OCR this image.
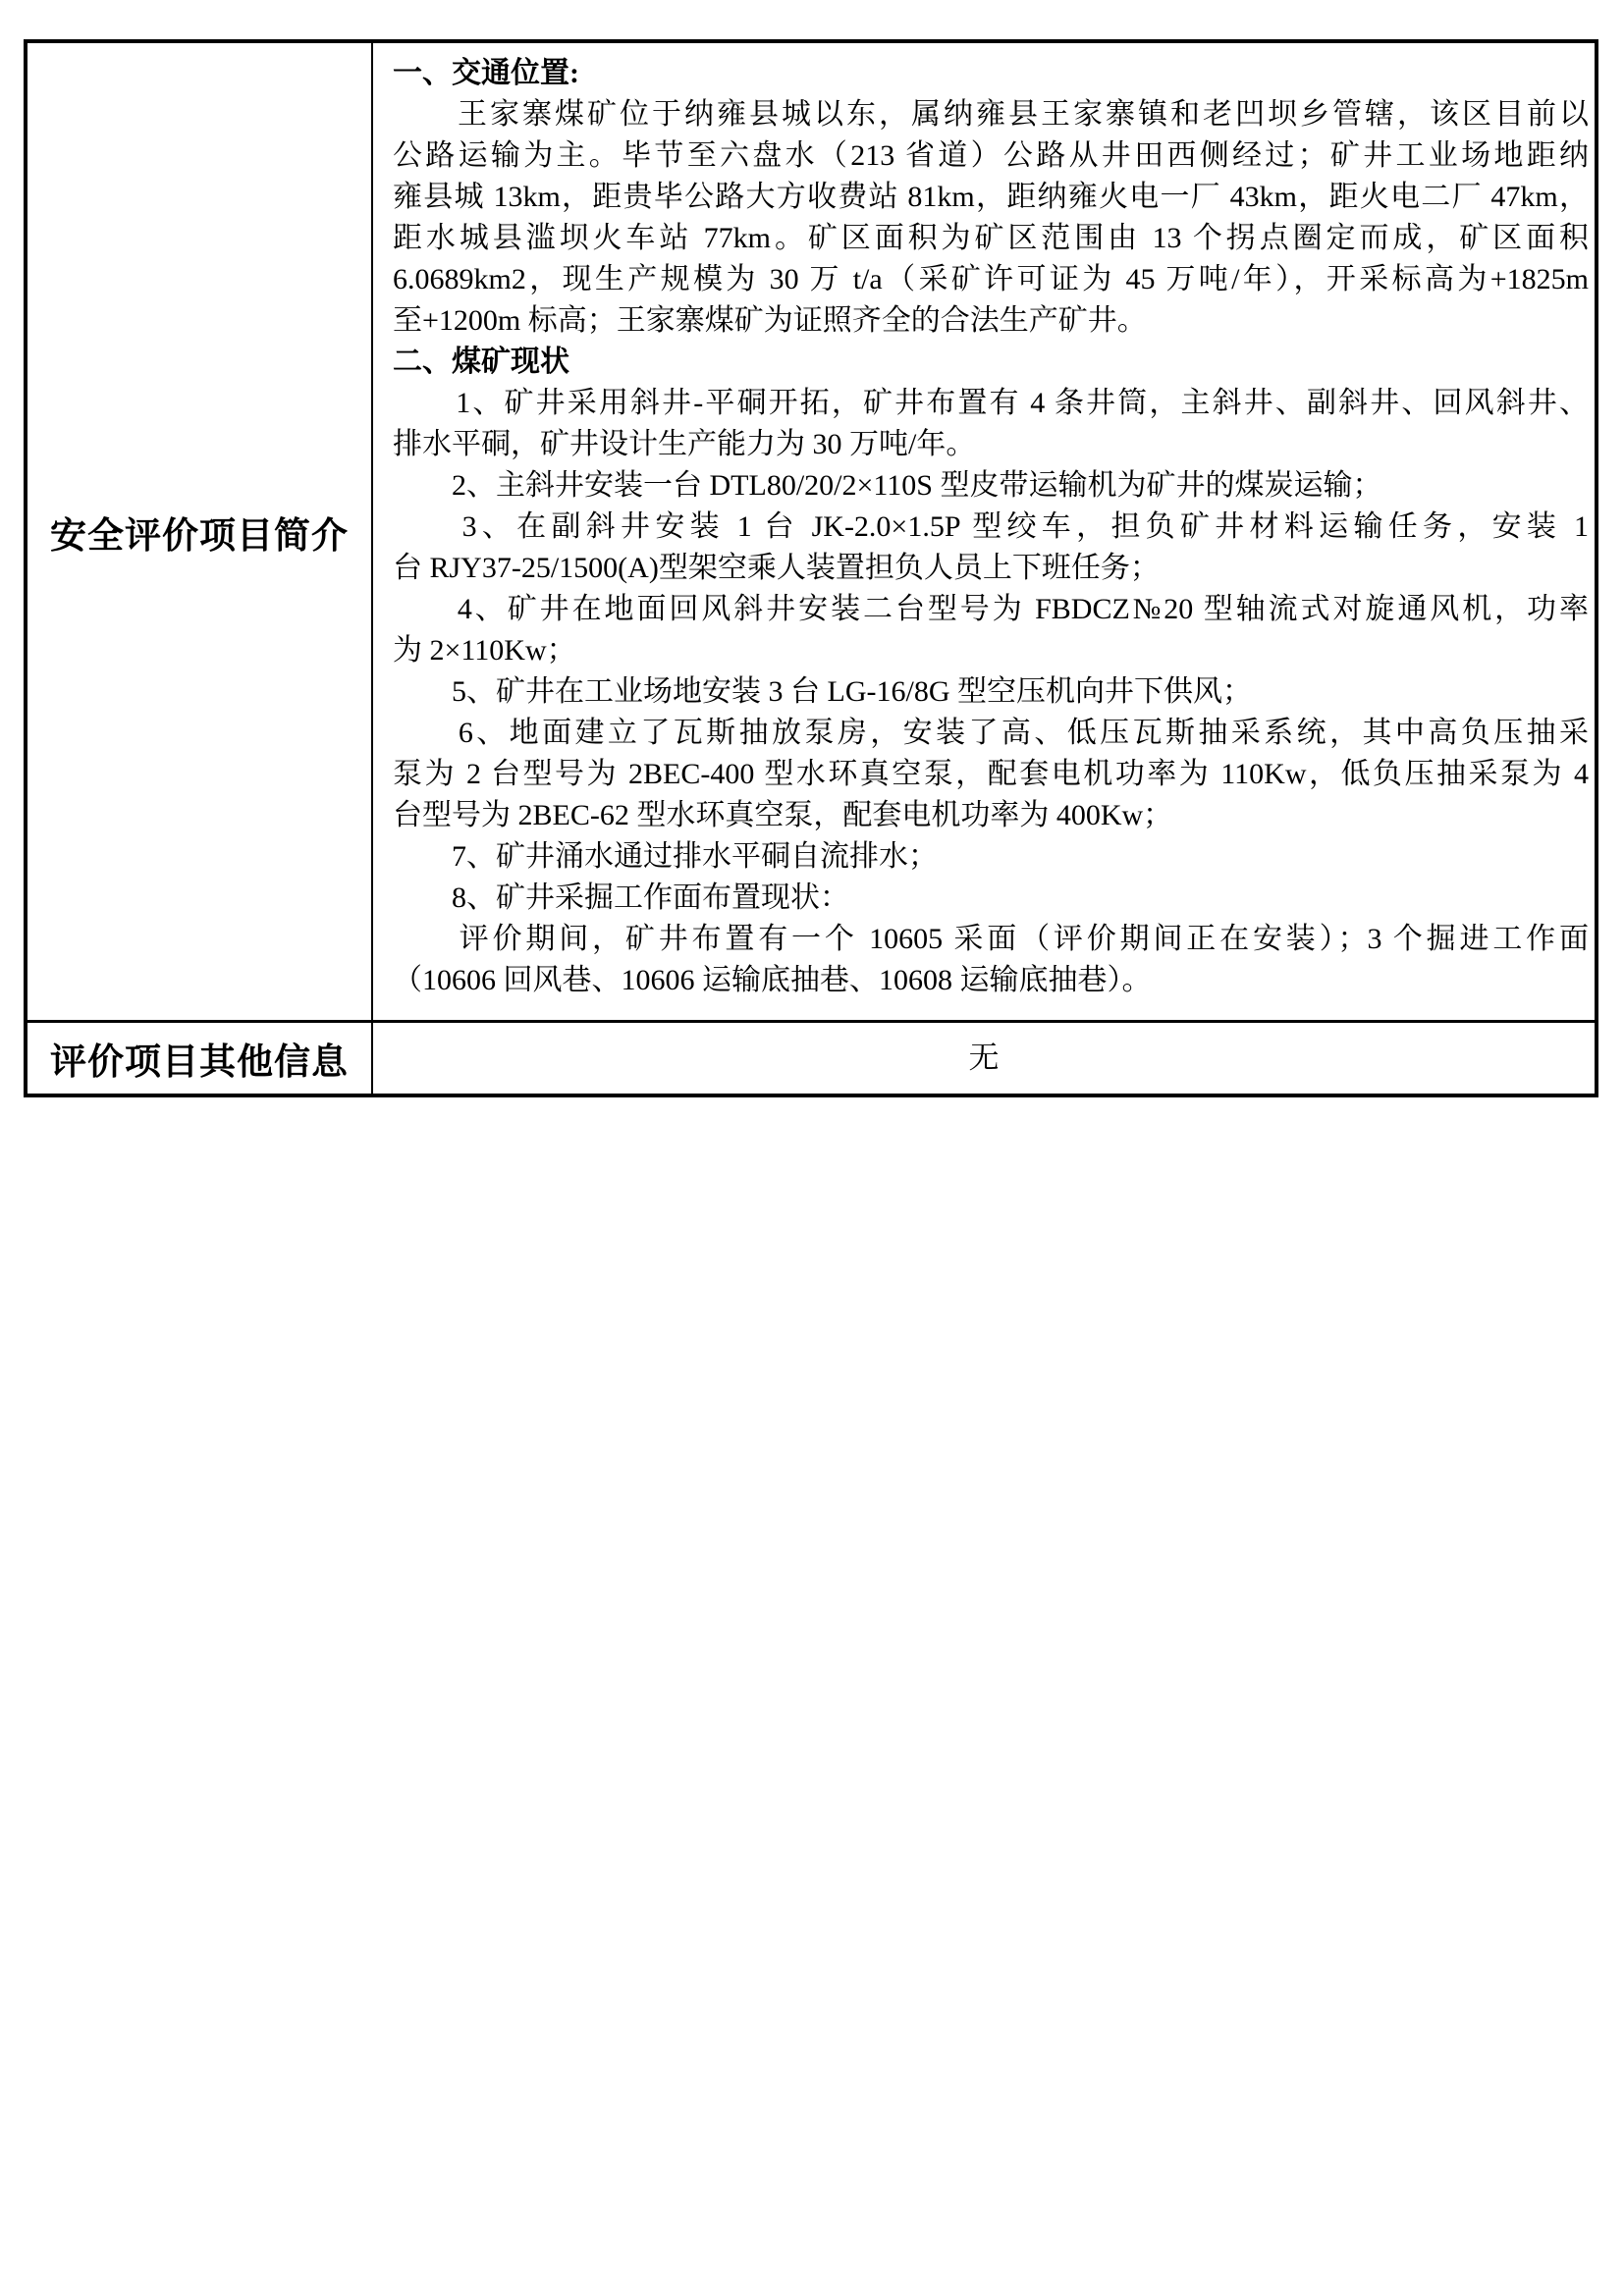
安全评价项目简介
一、交通位置:
　　王家寨煤矿位于纳雍县城以东，属纳雍县王家寨镇和老凹坝乡管辖，该区目前以
公路运输为主。毕节至六盘水（213 省道）公路从井田西侧经过；矿井工业场地距纳
雍县城 13km，距贵毕公路大方收费站 81km，距纳雍火电一厂 43km，距火电二厂 47km，
距水城县滥坝火车站 77km。矿区面积为矿区范围由 13 个拐点圈定而成，矿区面积
6.0689km2，现生产规模为 30 万 t/a（采矿许可证为 45 万吨/年），开采标高为+1825m
至+1200m 标高；王家寨煤矿为证照齐全的合法生产矿井。
二、煤矿现状
　　1、矿井采用斜井-平硐开拓，矿井布置有 4 条井筒，主斜井、副斜井、回风斜井、
排水平硐，矿井设计生产能力为 30 万吨/年。
　　2、主斜井安装一台 DTL80/20/2×110S 型皮带运输机为矿井的煤炭运输；
　　3、在副斜井安装 1 台 JK-2.0×1.5P 型绞车，担负矿井材料运输任务，安装 1
台 RJY37-25/1500(A)型架空乘人装置担负人员上下班任务；
　　4、矿井在地面回风斜井安装二台型号为 FBDCZ№20 型轴流式对旋通风机，功率
为 2×110Kw；
　　5、矿井在工业场地安装 3 台 LG-16/8G 型空压机向井下供风；
　　6、地面建立了瓦斯抽放泵房，安装了高、低压瓦斯抽采系统，其中高负压抽采
泵为 2 台型号为 2BEC-400 型水环真空泵，配套电机功率为 110Kw，低负压抽采泵为 4
台型号为 2BEC-62 型水环真空泵，配套电机功率为 400Kw；
　　7、矿井涌水通过排水平硐自流排水；
　　8、矿井采掘工作面布置现状：
　　评价期间，矿井布置有一个 10605 采面（评价期间正在安装）；3 个掘进工作面
（10606 回风巷、10606 运输底抽巷、10608 运输底抽巷）。
评价项目其他信息	无
